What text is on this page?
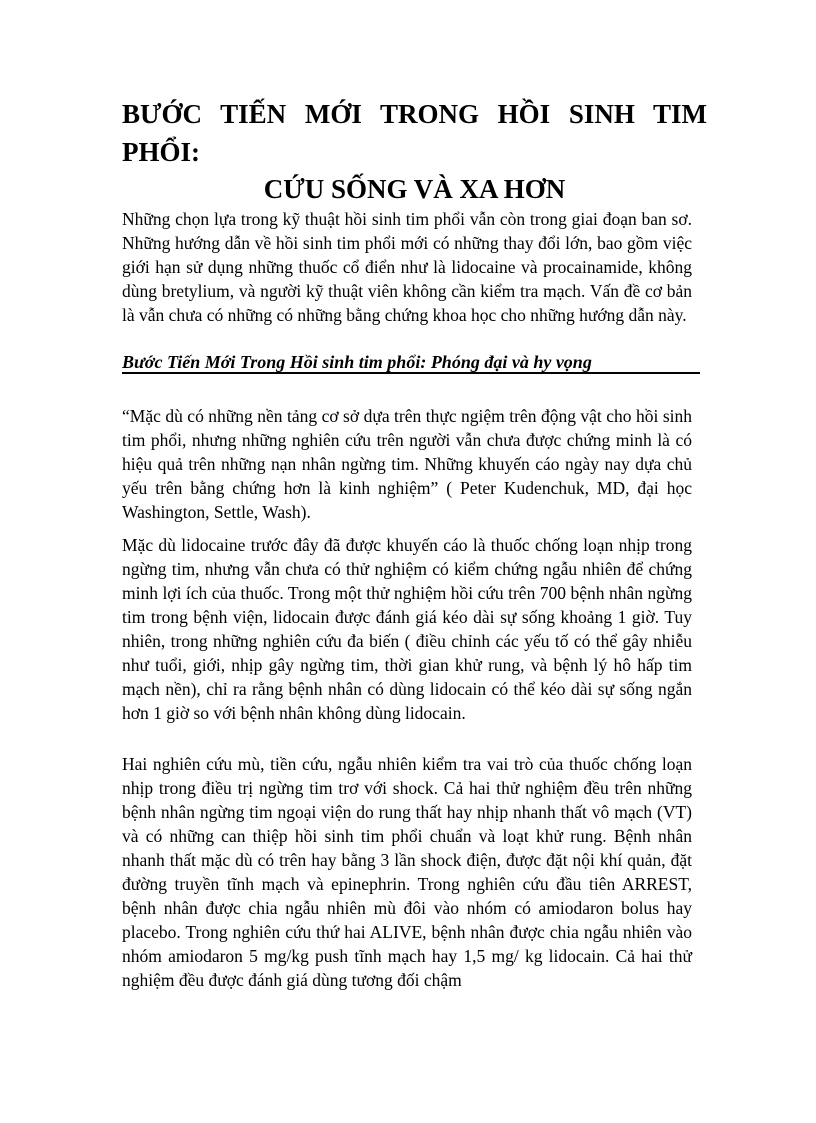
BƯỚC TIẾN MỚI TRONG HỒI SINH TIM PHỔI:
CỨU SỐNG VÀ XA HƠN

Những chọn lựa trong kỹ thuật hồi sinh tim phổi vẫn còn trong giai đoạn ban sơ. Những hướng dẫn về hồi sinh tim phổi mới có những thay đổi lớn, bao gồm việc giới hạn sử dụng những thuốc cổ điển như là lidocaine và procainamide, không dùng bretylium, và người kỹ thuật viên không cần kiểm tra mạch. Vấn đề cơ bản là vẫn chưa có những có những bằng chứng khoa học cho những hướng dẫn này.

Bước Tiến Mới Trong Hồi sinh tim phổi: Phóng đại và hy vọng

“Mặc dù có những nền tảng cơ sở dựa trên thực ngiệm trên động vật cho hồi sinh tim phổi, nhưng những nghiên cứu trên người vẫn chưa được chứng minh là có hiệu quả trên những nạn nhân ngừng tim. Những khuyến cáo ngày nay dựa chủ yếu trên bằng chứng hơn là kinh nghiệm” ( Peter Kudenchuk, MD, đại học Washington, Settle, Wash).

Mặc dù lidocaine trước đây đã được khuyến cáo là thuốc chống loạn nhịp trong ngừng tim, nhưng vẫn chưa có thử nghiệm có kiểm chứng ngẫu nhiên để chứng minh lợi ích của thuốc. Trong một thử nghiệm hồi cứu trên 700 bệnh nhân ngừng tim trong bệnh viện, lidocain được đánh giá kéo dài sự sống khoảng 1 giờ. Tuy nhiên, trong những nghiên cứu đa biến ( điều chỉnh các yếu tố có thể gây nhiễu như tuổi, giới, nhịp gây ngừng tim, thời gian khử rung, và bệnh lý hô hấp tim mạch nền), chỉ ra rằng bệnh nhân có dùng lidocain có thể kéo dài sự sống ngắn hơn 1 giờ so với bệnh nhân không dùng lidocain.

Hai nghiên cứu mù, tiền cứu, ngẫu nhiên kiểm tra vai trò của thuốc chống loạn nhịp trong điều trị ngừng tim trơ với shock. Cả hai thử nghiệm đều trên những bệnh nhân ngừng tim ngoại viện do rung thất hay nhịp nhanh thất vô mạch (VT) và có những can thiệp hồi sinh tim phổi chuẩn và loạt khử rung. Bệnh nhân nhanh thất mặc dù có trên hay bằng 3 lần shock điện, được đặt nội khí quản, đặt đường truyền tĩnh mạch và epinephrin. Trong nghiên cứu đầu tiên ARREST, bệnh nhân được chia ngẫu nhiên mù đôi vào nhóm có amiodaron bolus hay placebo. Trong nghiên cứu thứ hai ALIVE, bệnh nhân được chia ngẫu nhiên vào nhóm amiodaron 5 mg/kg push tĩnh mạch hay 1,5 mg/ kg lidocain. Cả hai thử nghiệm đều được đánh giá dùng tương đối chậm
